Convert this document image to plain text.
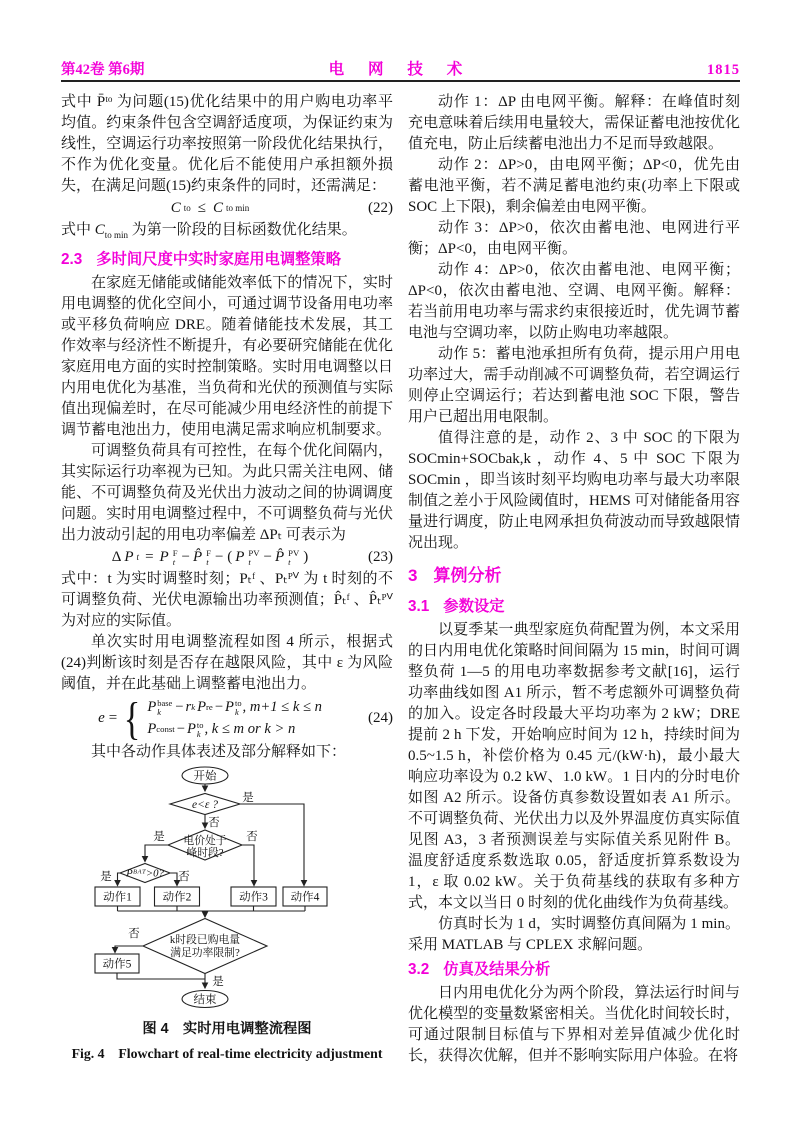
第42卷 第6期	电 网 技 术	1815

式中 P̄ᵗᵒ 为问题(15)优化结果中的用户购电功率平均值。约束条件包含空调舒适度项，为保证约束为线性，空调运行功率按照第一阶段优化结果执行，不作为优化变量。优化后不能使用户承担额外损失，在满足问题(15)约束条件的同时，还需满足：

C to ≤ C to min	(22)

式中 $C_{to min}$ 为第一阶段的目标函数优化结果。

2.3 多时间尺度中实时家庭用电调整策略

在家庭无储能或储能效率低下的情况下，实时用电调整的优化空间小，可通过调节设备用电功率或平移负荷响应 DRE。随着储能技术发展，其工作效率与经济性不断提升，有必要研究储能在优化家庭用电方面的实时控制策略。实时用电调整以日内用电优化为基准，当负荷和光伏的预测值与实际值出现偏差时，在尽可能减少用电经济性的前提下调节蓄电池出力，使用电满足需求响应机制要求。

可调整负荷具有可控性，在每个优化间隔内，其实际运行功率视为已知。为此只需关注电网、储能、不可调整负荷及光伏出力波动之间的协调调度问题。实时用电调整过程中，不可调整负荷与光伏出力波动引起的用电功率偏差 ΔPₜ 可表示为

Δ P t = P F
t − P̂ F
t − ( P PV
t − P̂ PV
t )	(23)

式中：t 为实时调整时刻；Pₜᶠ 、Pₜᴾⱽ 为 t 时刻的不可调整负荷、光伏电源输出功率预测值；P̂ₜᶠ 、P̂ₜᴾⱽ 为对应的实际值。

单次实时用电调整流程如图 4 所示，根据式(24)判断该时刻是否存在越限风险，其中 ε 为风险阈值，并在此基础上调整蓄电池出力。

e = { P base
k − r k P re − P to
k , m+1 ≤ k ≤ n
P const − P to
k , k ≤ m or k > n
(24)

其中各动作具体表述及部分解释如下：

开始
e<ε ?
是
否
电价处于
峰时段?
是	否
Pᴮᴬᵀ>0?
是	否
动作1	动作2	动作3 动作4
k时段已购电量
满足功率限制?
否
动作5
是
结束
图 4　实时用电调整流程图
Fig. 4　Flowchart of real-time electricity adjustment

动作 1：ΔP 由电网平衡。解释：在峰值时刻充电意味着后续用电量较大，需保证蓄电池按优化值充电，防止后续蓄电池出力不足而导致越限。

动作 2：ΔP>0，由电网平衡；ΔP<0，优先由蓄电池平衡，若不满足蓄电池约束(功率上下限或 SOC 上下限)，剩余偏差由电网平衡。

动作 3：ΔP>0，依次由蓄电池、电网进行平衡；ΔP<0，由电网平衡。

动作 4：ΔP>0，依次由蓄电池、电网平衡；ΔP<0，依次由蓄电池、空调、电网平衡。解释：若当前用电功率与需求约束很接近时，优先调节蓄电池与空调功率，以防止购电功率越限。

动作 5：蓄电池承担所有负荷，提示用户用电功率过大，需手动削减不可调整负荷，若空调运行则停止空调运行；若达到蓄电池 SOC 下限，警告用户已超出用电限制。

值得注意的是，动作 2、3 中 SOC 的下限为 SOCmin+SOCbak,k ，动作 4、5 中 SOC 下限为 SOCmin ，即当该时刻平均购电功率与最大功率限制值之差小于风险阈值时，HEMS 可对储能备用容量进行调度，防止电网承担负荷波动而导致越限情况出现。

3 算例分析
3.1 参数设定

以夏季某一典型家庭负荷配置为例，本文采用的日内用电优化策略时间间隔为 15 min，时间可调整负荷 1—5 的用电功率数据参考文献[16]，运行功率曲线如图 A1 所示，暂不考虑额外可调整负荷的加入。设定各时段最大平均功率为 2 kW；DRE 提前 2 h 下发，开始响应时间为 12 h，持续时间为 0.5~1.5 h，补偿价格为 0.45 元/(kW·h)，最小最大响应功率设为 0.2 kW、1.0 kW。1 日内的分时电价如图 A2 所示。设备仿真参数设置如表 A1 所示。不可调整负荷、光伏出力以及外界温度仿真实际值见图 A3，3 者预测误差与实际值关系见附件 B。温度舒适度系数选取 0.05，舒适度折算系数设为 1，ε 取 0.02 kW。关于负荷基线的获取有多种方式，本文以当日 0 时刻的优化曲线作为负荷基线。

仿真时长为 1 d，实时调整仿真间隔为 1 min。采用 MATLAB 与 CPLEX 求解问题。

3.2 仿真及结果分析

日内用电优化分为两个阶段，算法运行时间与优化模型的变量数紧密相关。当优化时间较长时，可通过限制目标值与下界相对差异值减少优化时长，获得次优解，但并不影响实际用户体验。在将
